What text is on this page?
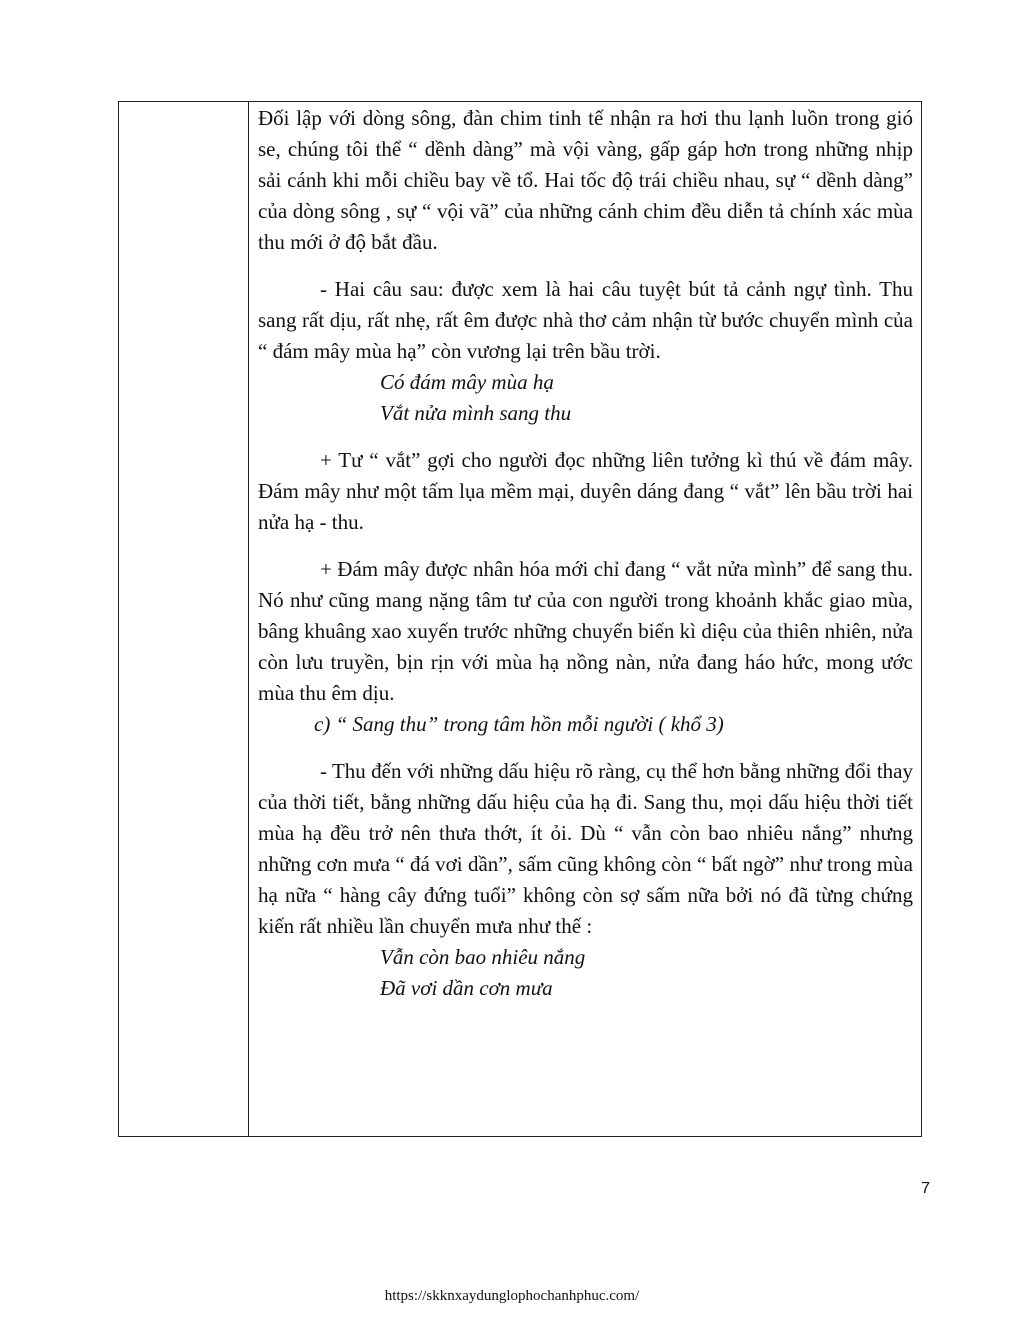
Đối lập với dòng sông, đàn chim tinh tế nhận ra hơi thu lạnh luồn trong gió se, chúng tôi thể “ dềnh dàng” mà vội vàng, gấp gáp hơn trong những nhịp sải cánh khi mỗi chiều bay về tổ. Hai tốc độ trái chiều nhau, sự “ dềnh dàng” của dòng sông , sự “ vội vã” của những cánh chim đều diễn tả chính xác mùa thu mới ở độ bắt đầu.

- Hai câu sau: được xem là hai câu tuyệt bút tả cảnh ngự tình. Thu sang rất dịu, rất nhẹ, rất êm được nhà thơ cảm nhận từ bước chuyển mình của “ đám mây mùa hạ” còn vương lại trên bầu trời.

Có đám mây mùa hạ

Vắt nửa mình sang thu

+ Tư “ vắt” gợi cho người đọc những liên tưởng kì thú về đám mây. Đám mây như một tấm lụa mềm mại, duyên dáng đang “ vắt” lên bầu trời hai nửa hạ - thu.

+ Đám mây được nhân hóa mới chỉ đang “ vắt nửa mình” để sang thu. Nó như cũng mang nặng tâm tư của con người trong khoảnh khắc giao mùa, bâng khuâng xao xuyến trước những chuyển biến kì diệu của thiên nhiên, nửa còn lưu truyền, bịn rịn với mùa hạ nồng nàn, nửa đang háo hức, mong ước mùa thu êm dịu.

c) “ Sang thu” trong tâm hồn mỗi người ( khổ 3)

- Thu đến với những dấu hiệu rõ ràng, cụ thể hơn bằng những đổi thay của thời tiết, bằng những dấu hiệu của hạ đi. Sang thu, mọi dấu hiệu thời tiết mùa hạ đều trở nên thưa thớt, ít ỏi. Dù “ vẫn còn bao nhiêu nắng” nhưng những cơn mưa “ đá vơi dần”, sấm cũng không còn “ bất ngờ” như trong mùa hạ nữa “ hàng cây đứng tuổi” không còn sợ sấm nữa bởi nó đã từng chứng kiến rất nhiều lần chuyển mưa như thế :

Vẫn còn bao nhiêu nắng

Đã vơi dần cơn mưa

7
https://skknxaydunglophochanhphuc.com/
